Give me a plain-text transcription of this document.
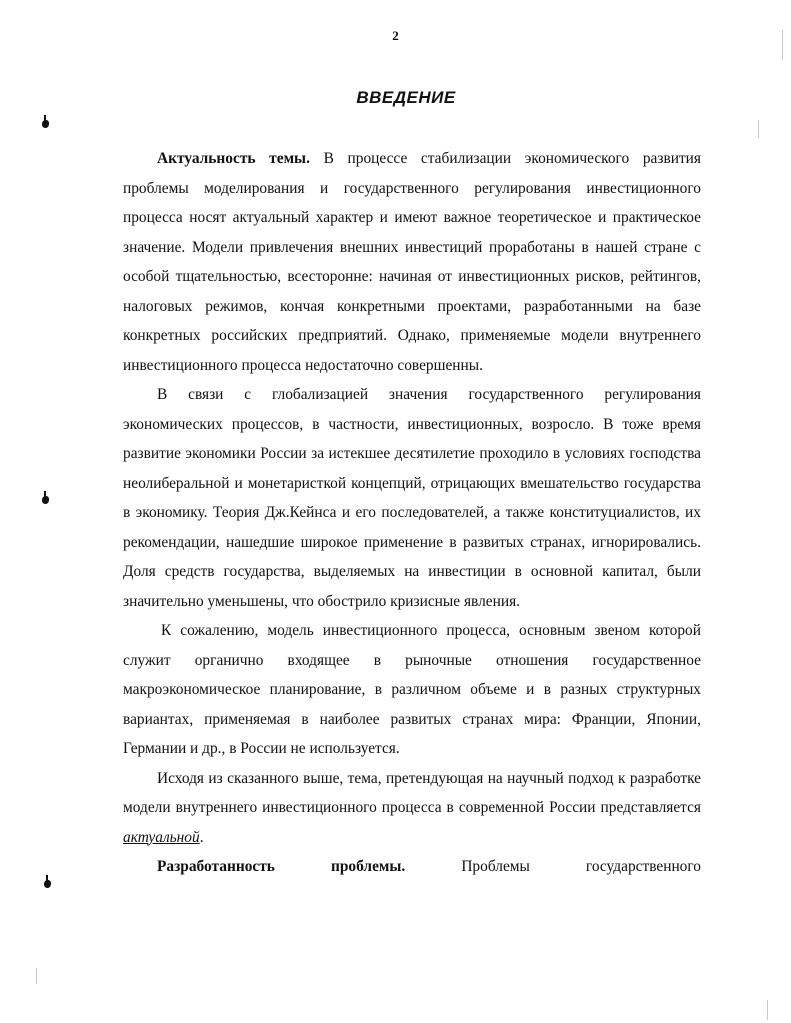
2
ВВЕДЕНИЕ

Актуальность темы. В процессе стабилизации экономического развития проблемы моделирования и государственного регулирования инвестиционного процесса носят актуальный характер и имеют важное теоретическое и практическое значение. Модели привлечения внешних инвестиций проработаны в нашей стране с особой тщательностью, всесторонне: начиная от инвестиционных рисков, рейтингов, налоговых режимов, кончая конкретными проектами, разработанными на базе конкретных российских предприятий. Однако, применяемые модели внутреннего инвестиционного процесса недостаточно совершенны.

В связи с глобализацией значения государственного регулирования экономических процессов, в частности, инвестиционных, возросло. В тоже время развитие экономики России за истекшее десятилетие проходило в условиях господства неолиберальной и монетаристкой концепций, отрицающих вмешательство государства в экономику. Теория Дж.Кейнса и его последователей, а также конституциалистов, их рекомендации, нашедшие широкое применение в развитых странах, игнорировались. Доля средств государства, выделяемых на инвестиции в основной капитал, были значительно уменьшены, что обострило кризисные явления.

К сожалению, модель инвестиционного процесса, основным звеном которой служит органично входящее в рыночные отношения государственное макроэкономическое планирование, в различном объеме и в разных структурных вариантах, применяемая в наиболее развитых странах мира: Франции, Японии, Германии и др., в России не используется.

Исходя из сказанного выше, тема, претендующая на научный подход к разработке модели внутреннего инвестиционного процесса в современной России представляется актуальной.

Разработанность	проблемы.	Проблемы	государственного
